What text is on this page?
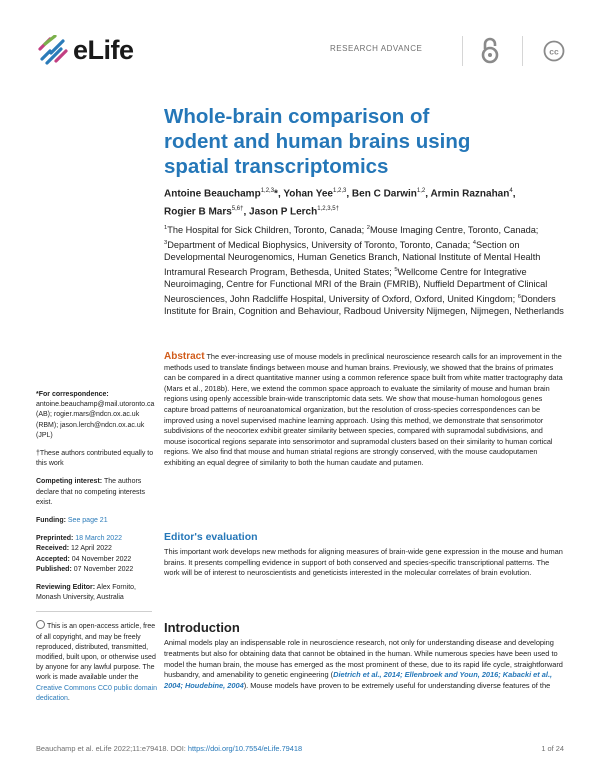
eLife	RESEARCH ADVANCE	cc
Whole-brain comparison of
rodent and human brains using
spatial transcriptomics
Antoine Beauchamp$^{1,2,3}$*, Yohan Yee$^{1,2,3}$, Ben C Darwin$^{1,2}$, Armin Raznahan$^4$,
Rogier B Mars$^{5,6\dagger}$, Jason P Lerch$^{1,2,3,5\dagger}$
$^1$The Hospital for Sick Children, Toronto, Canada; $^2$Mouse Imaging Centre, Toronto, Canada; $^3$Department of Medical Biophysics, University of Toronto, Toronto, Canada; $^4$Section on Developmental Neurogenomics, Human Genetics Branch, National Institute of Mental Health Intramural Research Program, Bethesda, United States; $^5$Wellcome Centre for Integrative Neuroimaging, Centre for Functional MRI of the Brain (FMRIB), Nuffield Department of Clinical Neurosciences, John Radcliffe Hospital, University of Oxford, Oxford, United Kingdom; $^6$Donders Institute for Brain, Cognition and Behaviour, Radboud University Nijmegen, Nijmegen, Netherlands
Abstract The ever-increasing use of mouse models in preclinical neuroscience research calls for an improvement in the methods used to translate findings between mouse and human brains. Previously, we showed that the brains of primates can be compared in a direct quantitative manner using a common reference space built from white matter tractography data (Mars et al., 2018b). Here, we extend the common space approach to evaluate the similarity of mouse and human brain regions using openly accessible brain-wide transcriptomic data sets. We show that mouse-human homologous genes capture broad patterns of neuroanatomical organization, but the resolution of cross-species correspondences can be improved using a novel supervised machine learning approach. Using this method, we demonstrate that sensorimotor subdivisions of the neocortex exhibit greater similarity between species, compared with supramodal subdivisions, and mouse isocortical regions separate into sensorimotor and supramodal clusters based on their similarity to human cortical regions. We also find that mouse and human striatal regions are strongly conserved, with the mouse caudoputamen exhibiting an equal degree of similarity to both the human caudate and putamen.
*For correspondence:
antoine.beauchamp@mail.utoronto.ca (AB); rogier.mars@ndcn.ox.ac.uk (RBM); jason.lerch@ndcn.ox.ac.uk (JPL)
†These authors contributed equally to this work
Competing interest: The authors declare that no competing interests exist.
Funding: See page 21
Preprinted: 18 March 2022
Received: 12 April 2022
Accepted: 04 November 2022
Published: 07 November 2022
Reviewing Editor: Alex Fornito, Monash University, Australia
This is an open-access article, free of all copyright, and may be freely reproduced, distributed, transmitted, modified, built upon, or otherwise used by anyone for any lawful purpose. The work is made available under the Creative Commons CC0 public domain dedication.
Editor's evaluation
This important work develops new methods for aligning measures of brain-wide gene expression in the mouse and human brains. It presents compelling evidence in support of both conserved and species-specific transcriptional patterns. The work will be of interest to neuroscientists and geneticists interested in the molecular correlates of brain evolution.
Introduction
Animal models play an indispensable role in neuroscience research, not only for understanding disease and developing treatments but also for obtaining data that cannot be obtained in the human. While numerous species have been used to model the human brain, the mouse has emerged as the most prominent of these, due to its rapid life cycle, straightforward husbandry, and amenability to genetic engineering (Dietrich et al., 2014; Ellenbroek and Youn, 2016; Kabacki et al., 2004; Houdebine, 2004). Mouse models have proven to be extremely useful for understanding diverse features of the
Beauchamp et al. eLife 2022;11:e79418. DOI: https://doi.org/10.7554/eLife.79418	1 of 24
